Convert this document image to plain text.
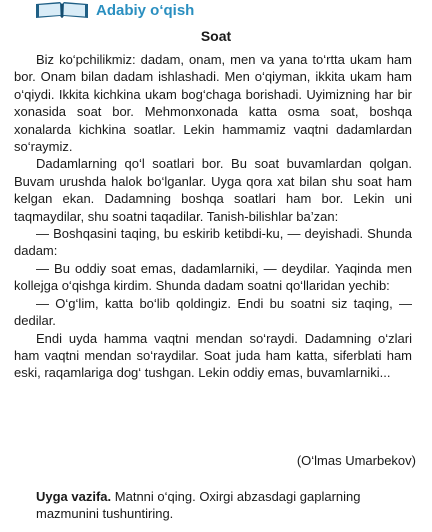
Adabiy o‘qish
Soat

Biz ko‘pchilikmiz: dadam, onam, men va yana to‘rtta ukam ham bor. Onam bilan dadam ishlashadi. Men o‘qiyman, ikkita ukam ham o‘qiydi. Ikkita kichkina ukam bog‘chaga borishadi. Uyimizning har bir xonasida soat bor. Mehmonxonada katta osma soat, boshqa xonalarda kichkina soatlar. Lekin hammamiz vaqtni dadamlardan so‘raymiz.

Dadamlarning qo‘l soatlari bor. Bu soat buvamlardan qolgan. Buvam urushda halok bo‘lganlar. Uyga qora xat bilan shu soat ham kelgan ekan. Dadamning boshqa soatlari ham bor. Lekin uni taqmaydilar, shu soatni taqadilar. Tanish-bilishlar ba’zan:

— Boshqasini taqing, bu eskirib ketibdi-ku, — deyishadi. Shunda dadam:

— Bu oddiy soat emas, dadamlarniki, — deydilar. Yaqinda men kollejga o‘qishga kirdim. Shunda dadam soatni qo‘llaridan yechib:

— O‘g‘lim, katta bo‘lib qoldingiz. Endi bu soatni siz taqing, — dedilar.

Endi uyda hamma vaqtni mendan so‘raydi. Dadamning o‘zlari ham vaqtni mendan so‘raydilar. Soat juda ham katta, siferblati ham eski, raqamlariga dog‘ tushgan. Lekin oddiy emas, buvamlarniki...

(O‘lmas Umarbekov)
Uyga vazifa. Matnni o‘qing. Oxirgi abzasdagi gaplarning mazmunini tushuntiring.
